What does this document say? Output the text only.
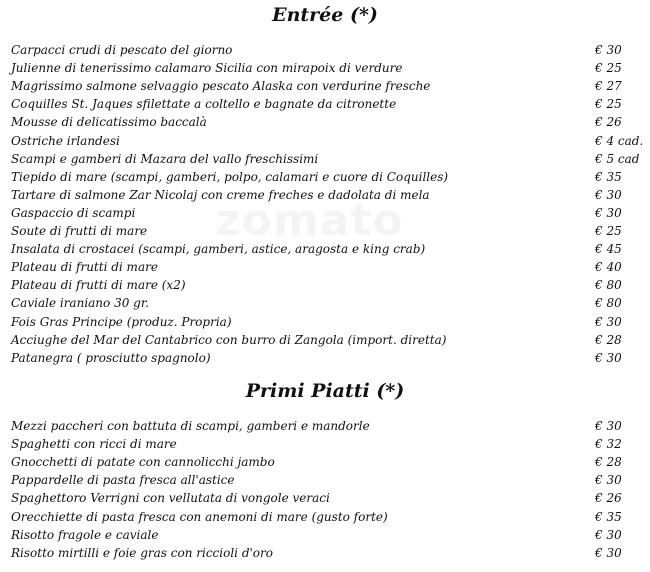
Entrée (*)
Carpacci crudi di pescato del giorno	€ 30
Julienne di tenerissimo calamaro Sicilia con mirapoix di verdure	€ 25
Magrissimo salmone selvaggio pescato Alaska con verdurine fresche	€ 27
Coquilles St. Jaques sfilettate a coltello e bagnate da citronette	€ 25
Mousse di delicatissimo baccalà	€ 26
Ostriche irlandesi	€ 4 cad.
Scampi e gamberi di Mazara del vallo freschissimi	€ 5 cad
Tiepido di mare (scampi, gamberi, polpo, calamari e cuore di Coquilles)	€ 35
Tartare di salmone Zar Nicolaj con creme freches e dadolata di mela	€ 30
Gaspaccio di scampi	€ 30
Soute di frutti di mare	€ 25
Insalata di crostacei (scampi, gamberi, astice, aragosta e king crab)	€ 45
Plateau di frutti di mare	€ 40
Plateau di frutti di mare (x2)	€ 80
Caviale iraniano 30 gr.	€ 80
Fois Gras Principe (produz. Propria)	€ 30
Acciughe del Mar del Cantabrico con burro di Zangola (import. diretta)	€ 28
Patanegra ( prosciutto spagnolo)	€ 30
Primi Piatti (*)
Mezzi paccheri con battuta di scampi, gamberi e mandorle	€ 30
Spaghetti con ricci di mare	€ 32
Gnocchetti di patate con cannolicchi jambo	€ 28
Pappardelle di pasta fresca all'astice	€ 30
Spaghettoro Verrigni con vellutata di vongole veraci	€ 26
Orecchiette di pasta fresca con anemoni di mare (gusto forte)	€ 35
Risotto fragole e caviale	€ 30
Risotto mirtilli e foie gras con riccioli d'oro	€ 30
